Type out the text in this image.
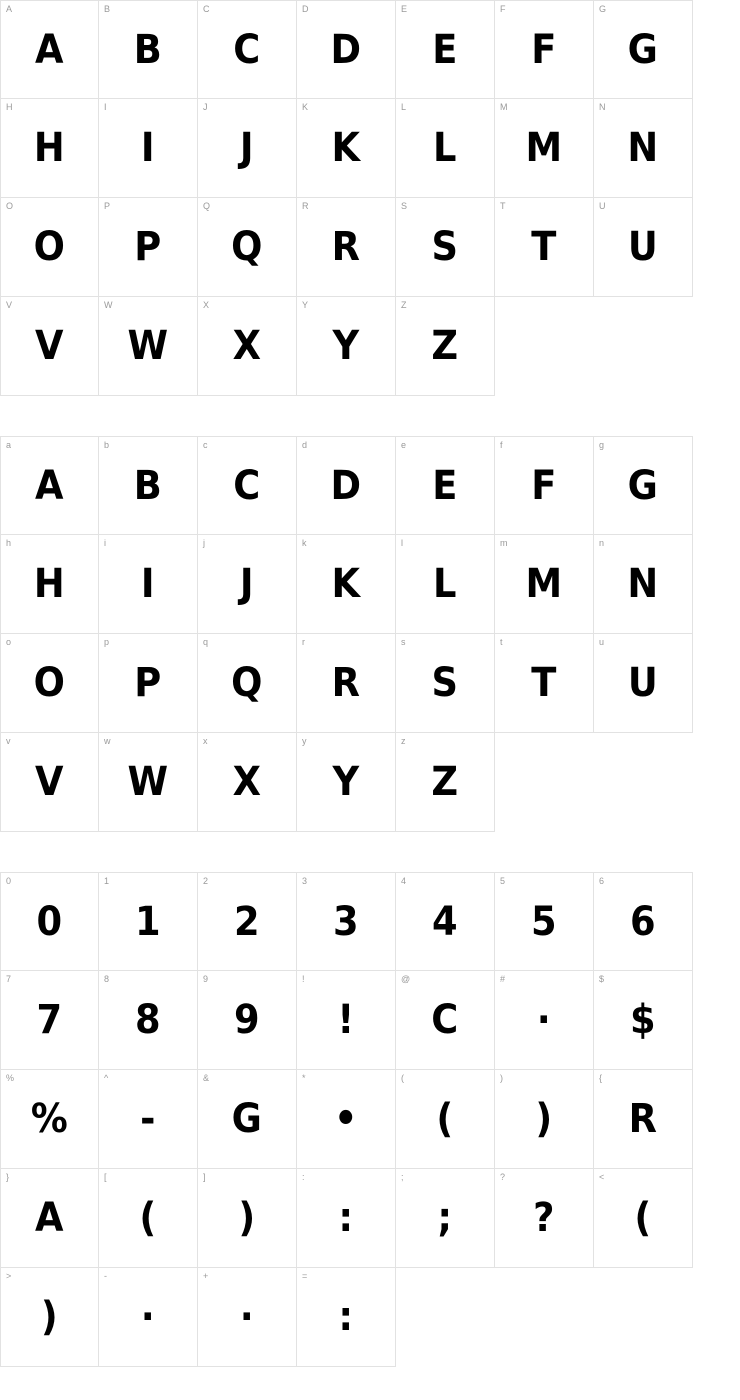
A
A
B
B
C
C
D
D
E
E
F
F
G
G
H
H
I
I
J
J
K
K
L
L
M
M
N
N
O
O
P
P
Q
Q
R
R
S
S
T
T
U
U
V
V
W
W
X
X
Y
Y
Z
Z
a
A
b
B
c
C
d
D
e
E
f
F
g
G
h
H
i
I
j
J
k
K
l
L
m
M
n
N
o
O
p
P
q
Q
r
R
s
S
t
T
u
U
v
V
w
W
x
X
y
Y
z
Z
0
0
1
1
2
2
3
3
4
4
5
5
6
6
7
7
8
8
9
9
!
!
@
C
#
·
$
$
%
%
^
-
&
G
*
•
(
(
)
)
{
R
}
A
[
(
]
)
:
:
;
;
?
?
<
(
>
)
-
·
+
·
=
:
